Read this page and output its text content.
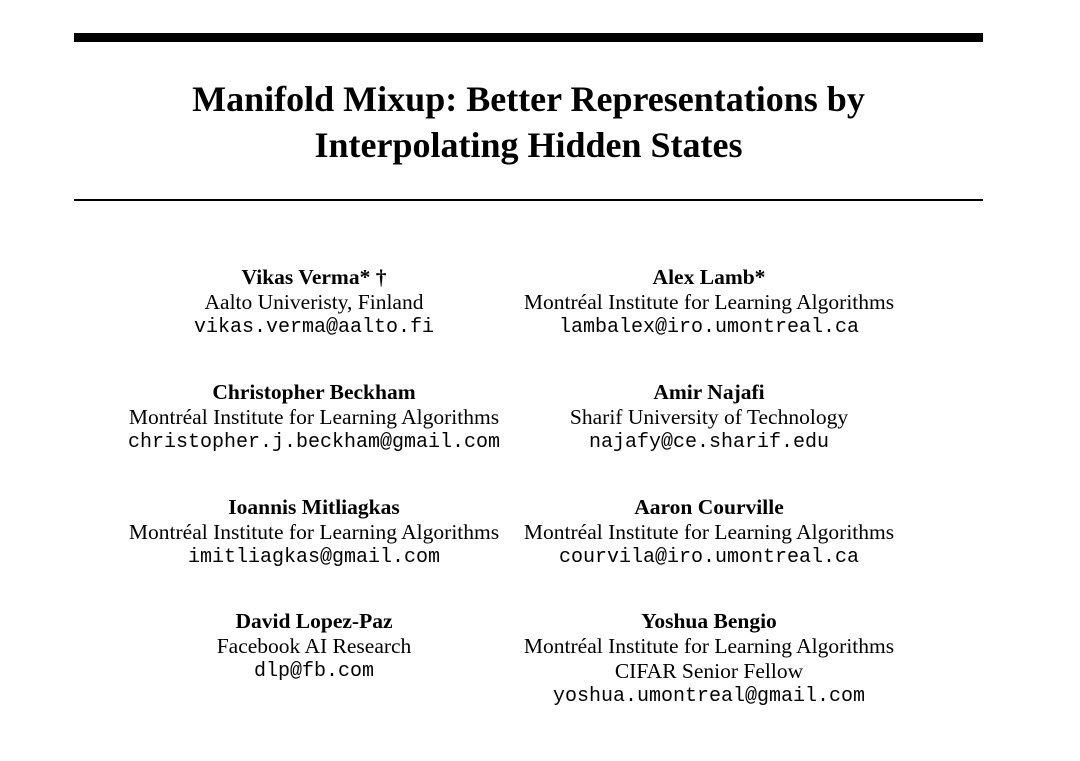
Manifold Mixup: Better Representations by
Interpolating Hidden States
Vikas Verma* †
Aalto Univeristy, Finland
vikas.verma@aalto.fi
Alex Lamb*
Montréal Institute for Learning Algorithms
lambalex@iro.umontreal.ca
Christopher Beckham
Montréal Institute for Learning Algorithms
christopher.j.beckham@gmail.com
Amir Najafi
Sharif University of Technology
najafy@ce.sharif.edu
Ioannis Mitliagkas
Montréal Institute for Learning Algorithms
imitliagkas@gmail.com
Aaron Courville
Montréal Institute for Learning Algorithms
courvila@iro.umontreal.ca
David Lopez-Paz
Facebook AI Research
dlp@fb.com
Yoshua Bengio
Montréal Institute for Learning Algorithms
CIFAR Senior Fellow
yoshua.umontreal@gmail.com
